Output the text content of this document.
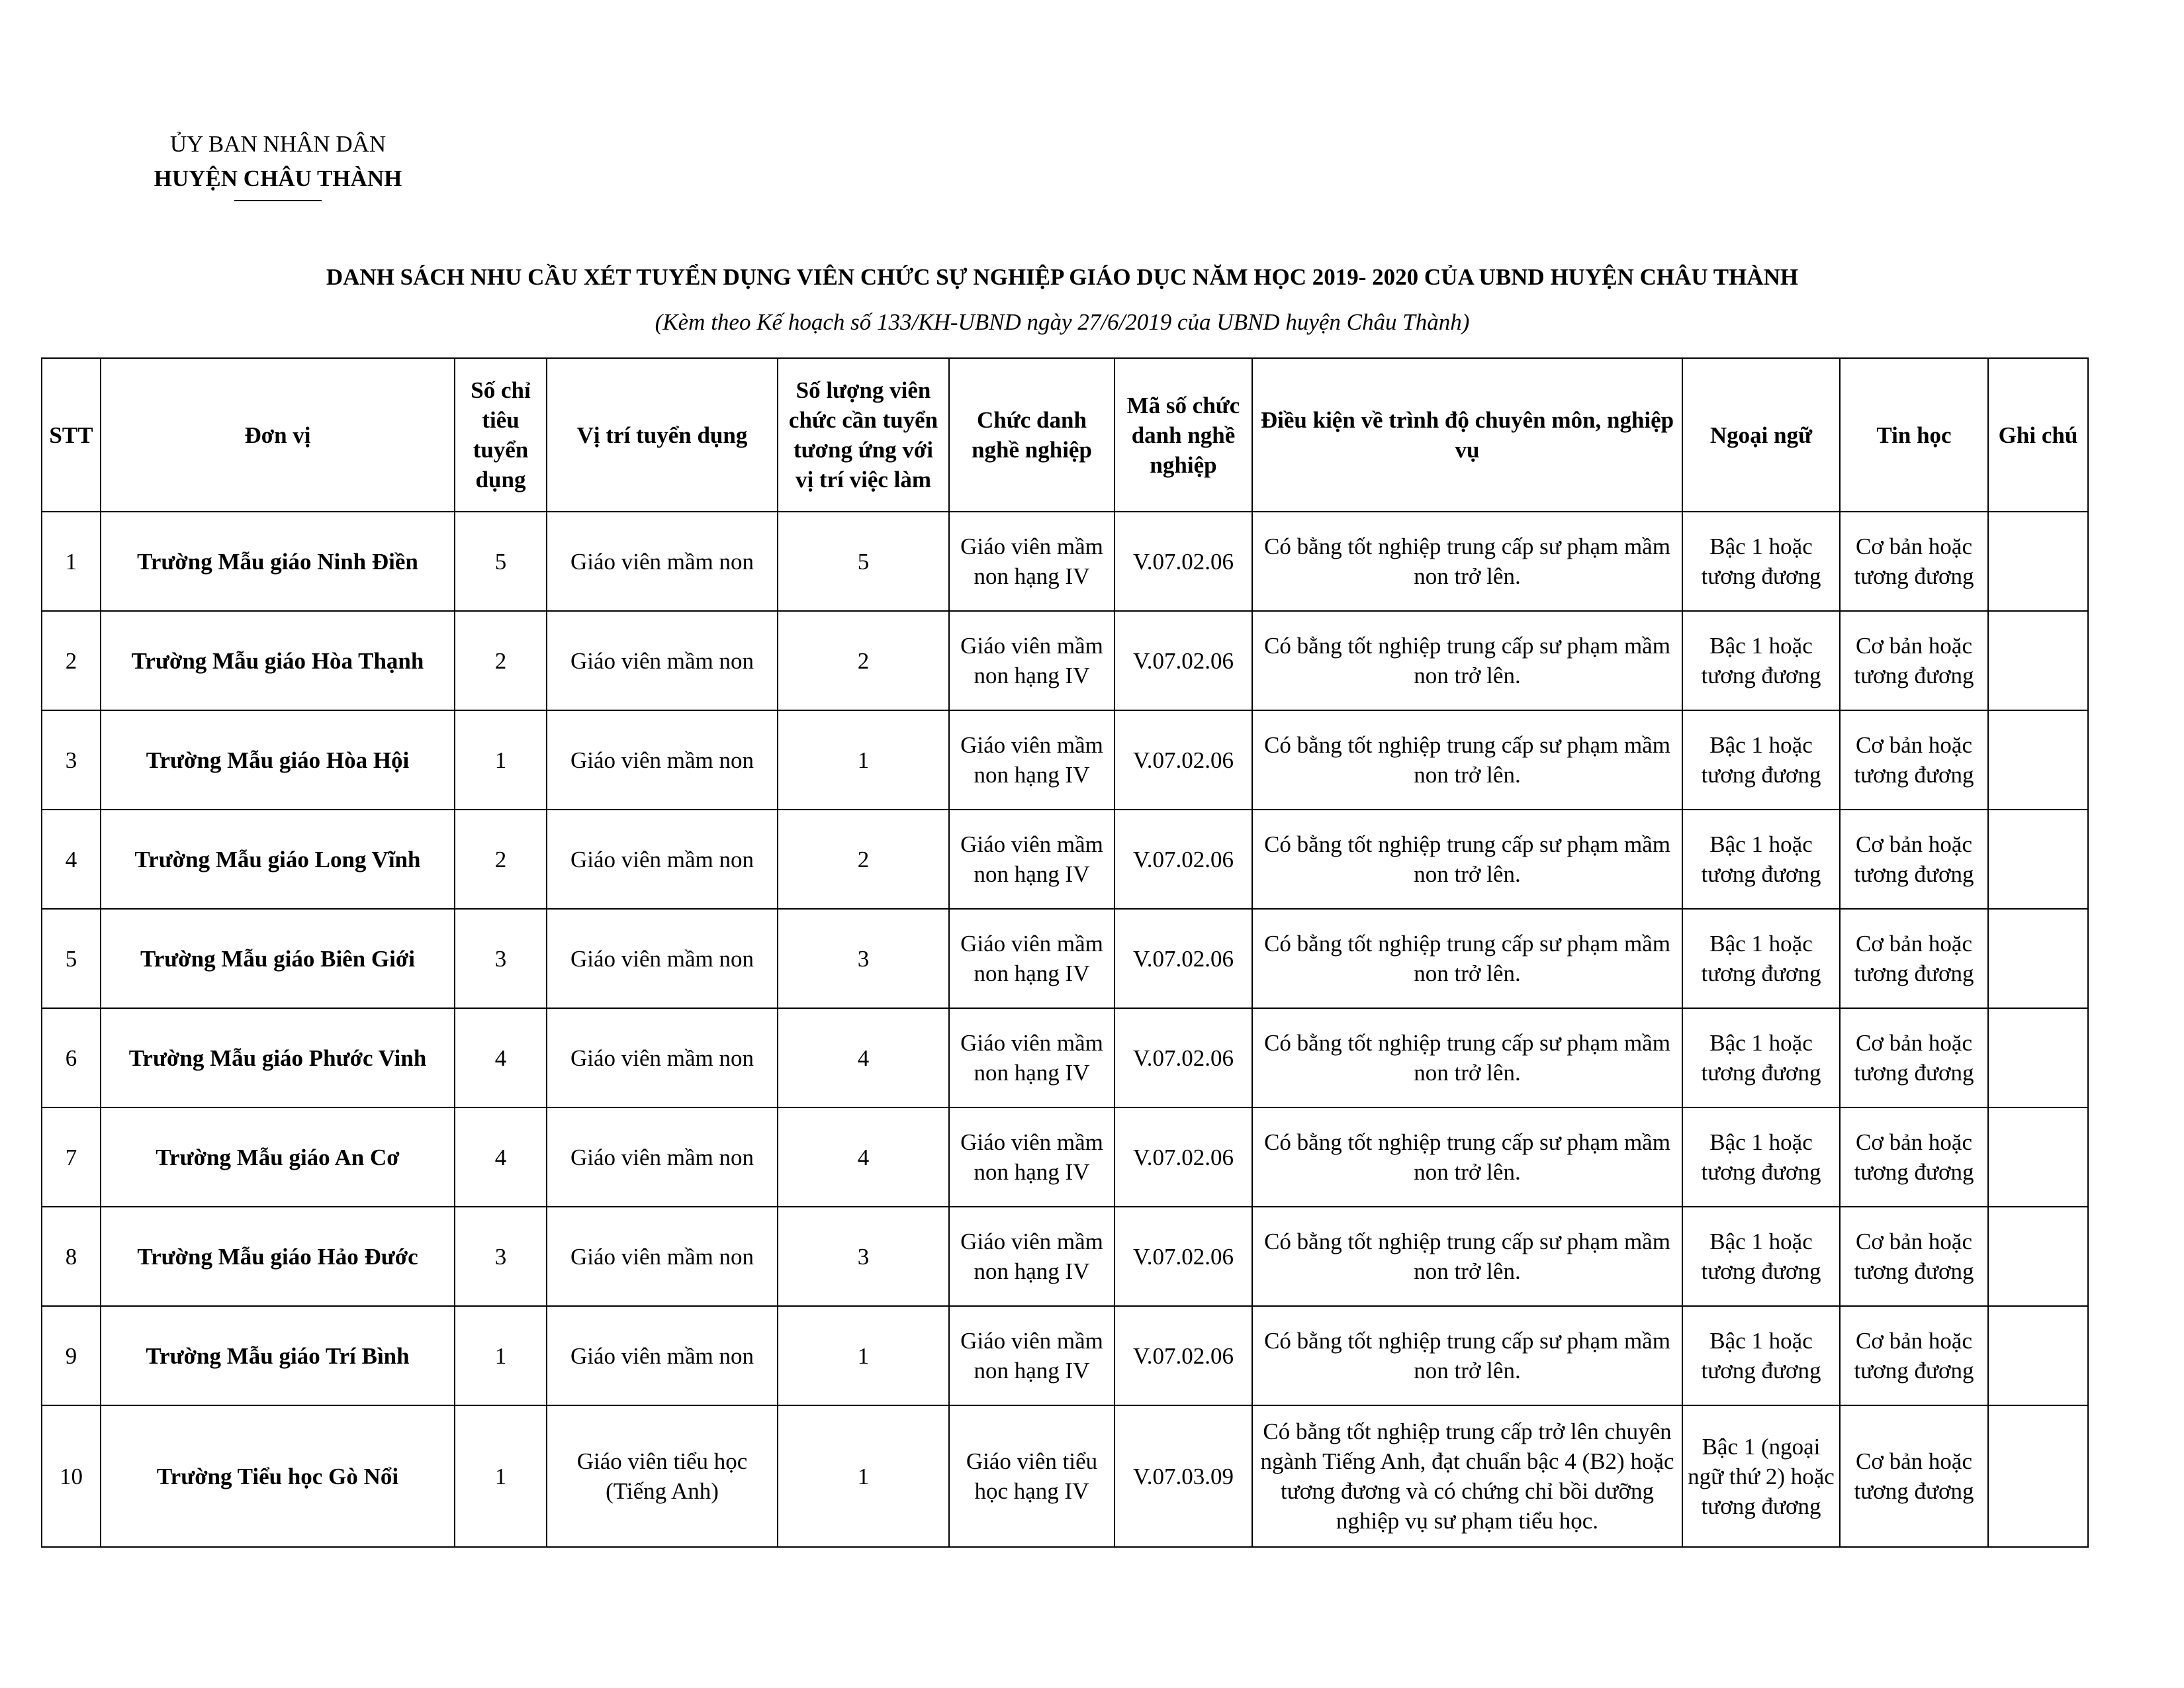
ỦY BAN NHÂN DÂN
HUYỆN CHÂU THÀNH
DANH SÁCH NHU CẦU XÉT TUYỂN DỤNG VIÊN CHỨC SỰ NGHIỆP GIÁO DỤC NĂM HỌC 2019- 2020 CỦA UBND HUYỆN CHÂU THÀNH
(Kèm theo Kế hoạch số 133/KH-UBND ngày 27/6/2019 của UBND huyện Châu Thành)
STT	Đơn vị	Số chỉ tiêu tuyển dụng	Vị trí tuyển dụng	Số lượng viên chức cần tuyển tương ứng với vị trí việc làm	Chức danh nghề nghiệp	Mã số chức danh nghề nghiệp	Điều kiện về trình độ chuyên môn, nghiệp vụ	Ngoại ngữ	Tin học	Ghi chú
1	Trường Mẫu giáo Ninh Điền	5	Giáo viên mầm non	5	Giáo viên mầm non hạng IV	V.07.02.06	Có bằng tốt nghiệp trung cấp sư phạm mầm non trở lên.	Bậc 1 hoặc tương đương	Cơ bản hoặc tương đương	
2	Trường Mẫu giáo Hòa Thạnh	2	Giáo viên mầm non	2	Giáo viên mầm non hạng IV	V.07.02.06	Có bằng tốt nghiệp trung cấp sư phạm mầm non trở lên.	Bậc 1 hoặc tương đương	Cơ bản hoặc tương đương	
3	Trường Mẫu giáo Hòa Hội	1	Giáo viên mầm non	1	Giáo viên mầm non hạng IV	V.07.02.06	Có bằng tốt nghiệp trung cấp sư phạm mầm non trở lên.	Bậc 1 hoặc tương đương	Cơ bản hoặc tương đương	
4	Trường Mẫu giáo Long Vĩnh	2	Giáo viên mầm non	2	Giáo viên mầm non hạng IV	V.07.02.06	Có bằng tốt nghiệp trung cấp sư phạm mầm non trở lên.	Bậc 1 hoặc tương đương	Cơ bản hoặc tương đương	
5	Trường Mẫu giáo Biên Giới	3	Giáo viên mầm non	3	Giáo viên mầm non hạng IV	V.07.02.06	Có bằng tốt nghiệp trung cấp sư phạm mầm non trở lên.	Bậc 1 hoặc tương đương	Cơ bản hoặc tương đương	
6	Trường Mẫu giáo Phước Vinh	4	Giáo viên mầm non	4	Giáo viên mầm non hạng IV	V.07.02.06	Có bằng tốt nghiệp trung cấp sư phạm mầm non trở lên.	Bậc 1 hoặc tương đương	Cơ bản hoặc tương đương	
7	Trường Mẫu giáo An Cơ	4	Giáo viên mầm non	4	Giáo viên mầm non hạng IV	V.07.02.06	Có bằng tốt nghiệp trung cấp sư phạm mầm non trở lên.	Bậc 1 hoặc tương đương	Cơ bản hoặc tương đương	
8	Trường Mẫu giáo Hảo Đước	3	Giáo viên mầm non	3	Giáo viên mầm non hạng IV	V.07.02.06	Có bằng tốt nghiệp trung cấp sư phạm mầm non trở lên.	Bậc 1 hoặc tương đương	Cơ bản hoặc tương đương	
9	Trường Mẫu giáo Trí Bình	1	Giáo viên mầm non	1	Giáo viên mầm non hạng IV	V.07.02.06	Có bằng tốt nghiệp trung cấp sư phạm mầm non trở lên.	Bậc 1 hoặc tương đương	Cơ bản hoặc tương đương	
10	Trường Tiểu học Gò Nổi	1	Giáo viên tiểu học (Tiếng Anh)	1	Giáo viên tiểu học hạng IV	V.07.03.09	Có bằng tốt nghiệp trung cấp trở lên chuyên ngành Tiếng Anh, đạt chuẩn bậc 4 (B2) hoặc tương đương và có chứng chỉ bồi dưỡng nghiệp vụ sư phạm tiểu học.	Bậc 1 (ngoại ngữ thứ 2) hoặc tương đương	Cơ bản hoặc tương đương	
